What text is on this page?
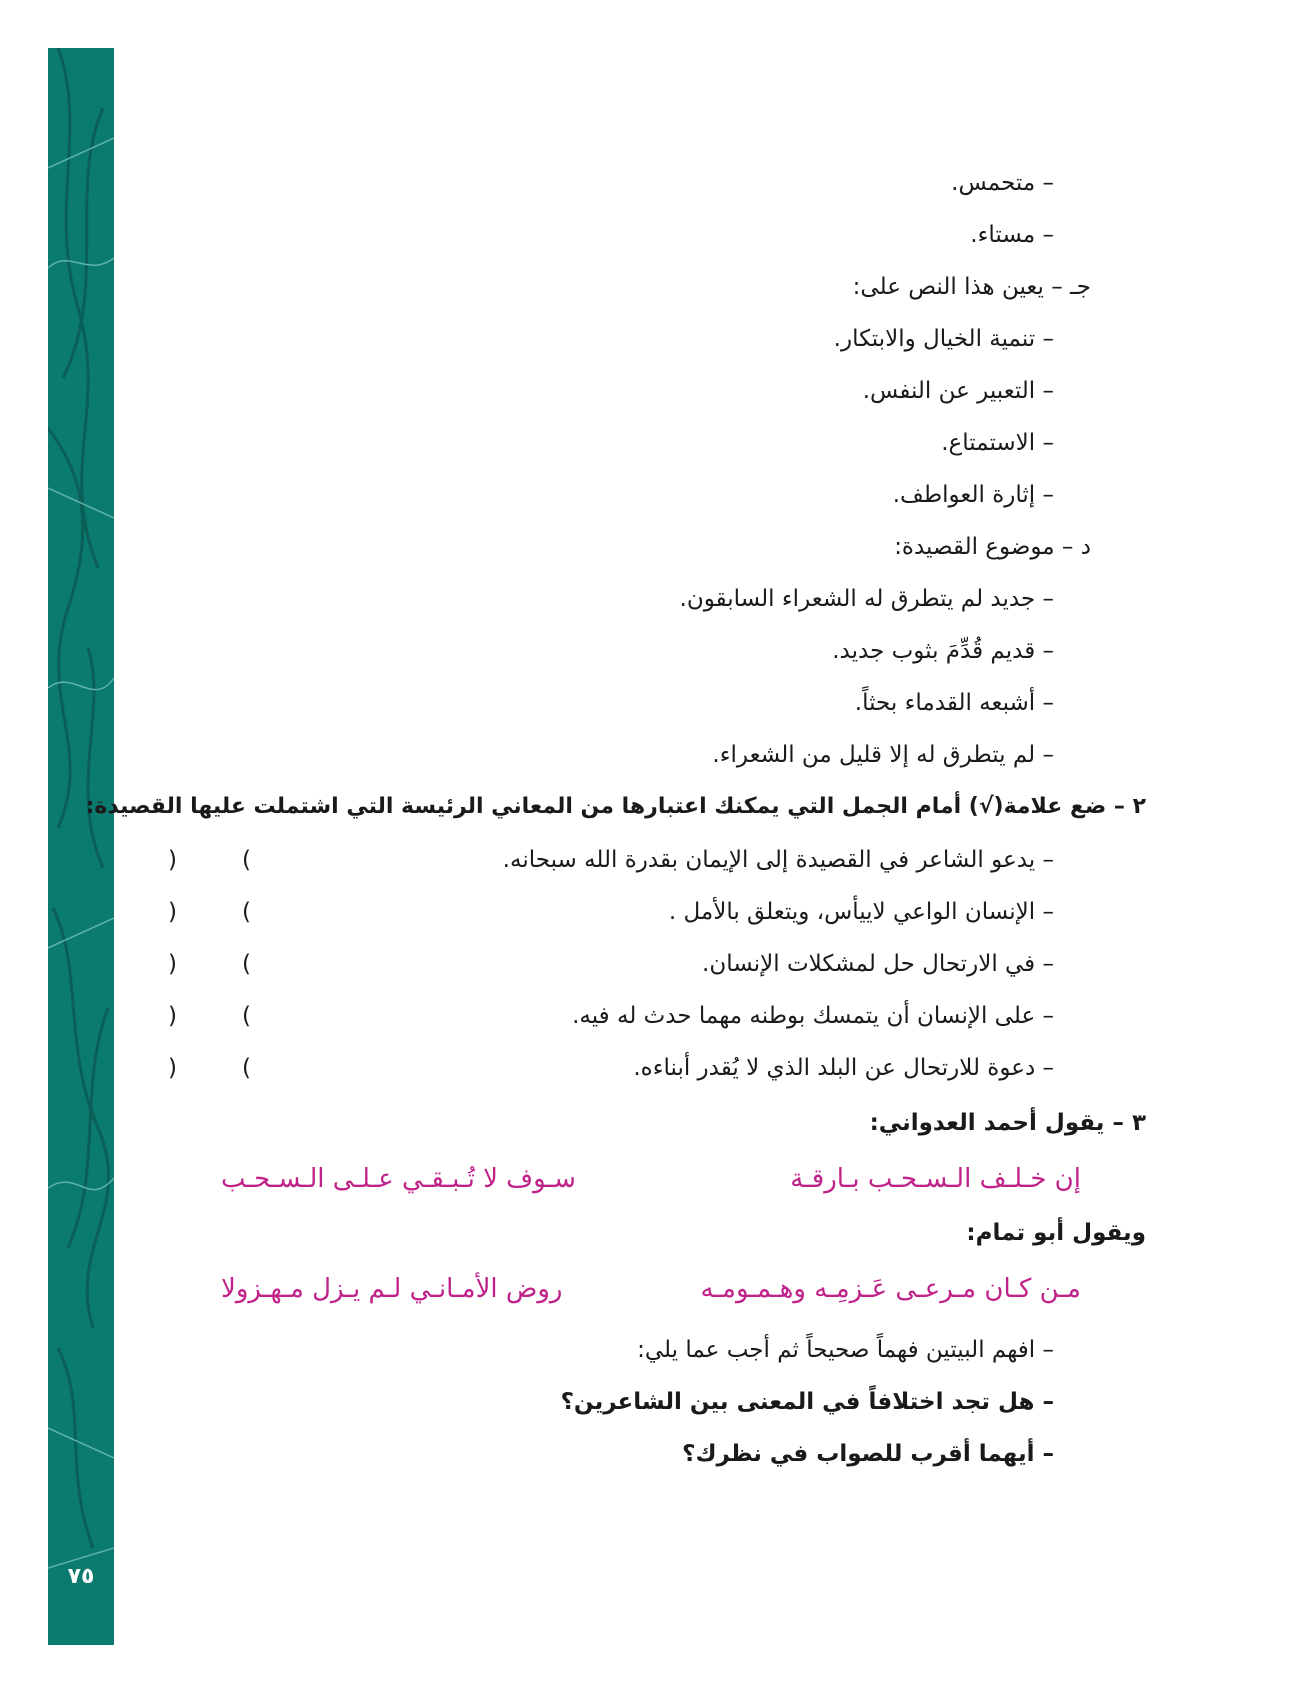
٧٥
– متحمس.
– مستاء.
جـ – يعين هذا النص على:
– تنمية الخيال والابتكار.
– التعبير عن النفس.
– الاستمتاع.
– إثارة العواطف.
د – موضوع القصيدة:
– جديد لم يتطرق له الشعراء السابقون.
– قديم قُدِّمَ بثوب جديد.
– أشبعه القدماء بحثاً.
– لم يتطرق له إلا قليل من الشعراء.
٢ – ضع علامة(√) أمام الجمل التي يمكنك اعتبارها من المعاني الرئيسة التي اشتملت عليها القصيدة:
– يدعو الشاعر في القصيدة إلى الإيمان بقدرة الله سبحانه.
(
)
– الإنسان الواعي لاييأس، ويتعلق بالأمل .
(
)
– في الارتحال حل لمشكلات الإنسان.
(
)
– على الإنسان أن يتمسك بوطنه مهما حدث له فيه.
(
)
– دعوة للارتحال عن البلد الذي لا يُقدر أبناءه.
(
)
٣ – يقول أحمد العدواني:
إن خـلـف الـسـحـب بـارقـة
سـوف لا تُـبـقـي عـلـى الـسـحـب
ويقول أبو تمام:
مـن كـان مـرعـى عَـزمِـه وهـمـومـه
روض الأمـانـي لـم يـزل مـهـزولا
– افهم البيتين فهماً صحيحاً ثم أجب عما يلي:
– هل تجد اختلافاً في المعنى بين الشاعرين؟
– أيهما أقرب للصواب في نظرك؟
